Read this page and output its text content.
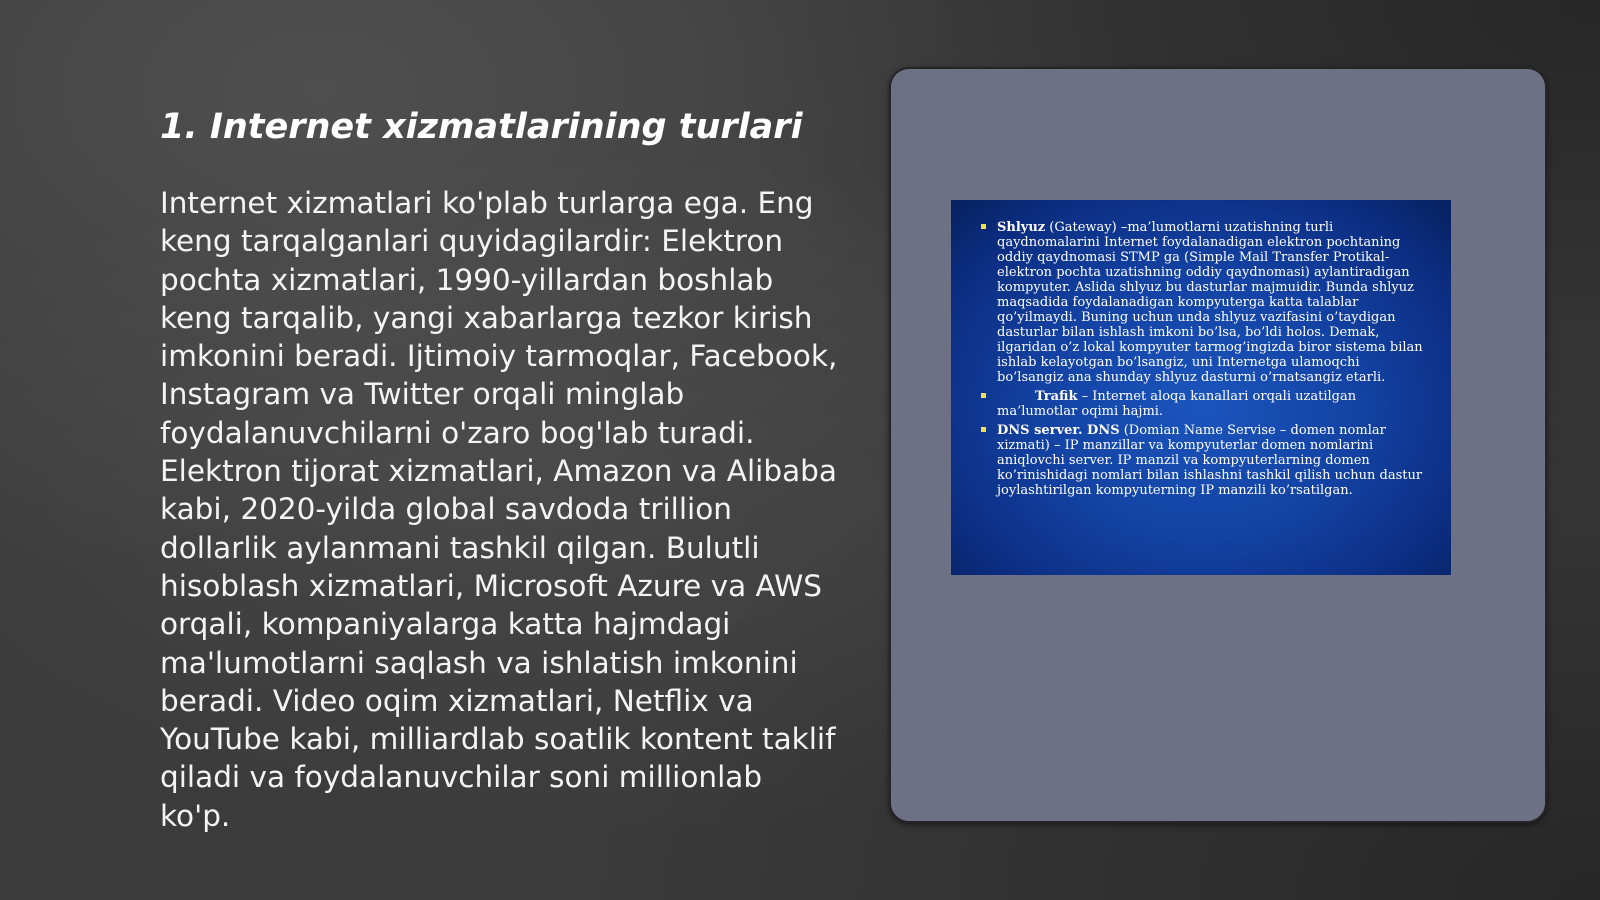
1. Internet xizmatlarining turlari

Internet xizmatlari ko'plab turlarga ega. Eng keng tarqalganlari quyidagilardir: Elektron pochta xizmatlari, 1990-yillardan boshlab keng tarqalib, yangi xabarlarga tezkor kirish imkonini beradi. Ijtimoiy tarmoqlar, Facebook, Instagram va Twitter orqali minglab foydalanuvchilarni o'zaro bog'lab turadi. Elektron tijorat xizmatlari, Amazon va Alibaba kabi, 2020-yilda global savdoda trillion dollarlik aylanmani tashkil qilgan. Bulutli hisoblash xizmatlari, Microsoft Azure va AWS orqali, kompaniyalarga katta hajmdagi ma'lumotlarni saqlash va ishlatish imkonini beradi. Video oqim xizmatlari, Netflix va YouTube kabi, milliardlab soatlik kontent taklif qiladi va foydalanuvchilar soni millionlab ko'p.

Shlyuz (Gateway) –ma’lumotlarni uzatishning turli qaydnomalarini Internet foydalanadigan elektron pochtaning oddiy qaydnomasi STMP ga (Simple Mail Transfer Protikal-elektron pochta uzatishning oddiy qaydnomasi) aylantiradigan kompyuter. Aslida shlyuz bu dasturlar majmuidir. Bunda shlyuz maqsadida foydalanadigan kompyuterga katta talablar qo’yilmaydi. Buning uchun unda shlyuz vazifasini o’taydigan dasturlar bilan ishlash imkoni bo’lsa, bo’ldi holos. Demak, ilgaridan o’z lokal kompyuter tarmog’ingizda biror sistema bilan ishlab kelayotgan bo’lsangiz, uni Internetga ulamoqchi bo’lsangiz ana shunday shlyuz dasturni o’rnatsangiz etarli.
Trafik – Internet aloqa kanallari orqali uzatilgan ma’lumotlar oqimi hajmi.
DNS server. DNS (Domian Name Servise – domen nomlar xizmati) – IP manzillar va kompyuterlar domen nomlarini aniqlovchi server. IP manzil va kompyuterlarning domen ko’rinishidagi nomlari bilan ishlashni tashkil qilish uchun dastur joylashtirilgan kompyuterning IP manzili ko’rsatilgan.
